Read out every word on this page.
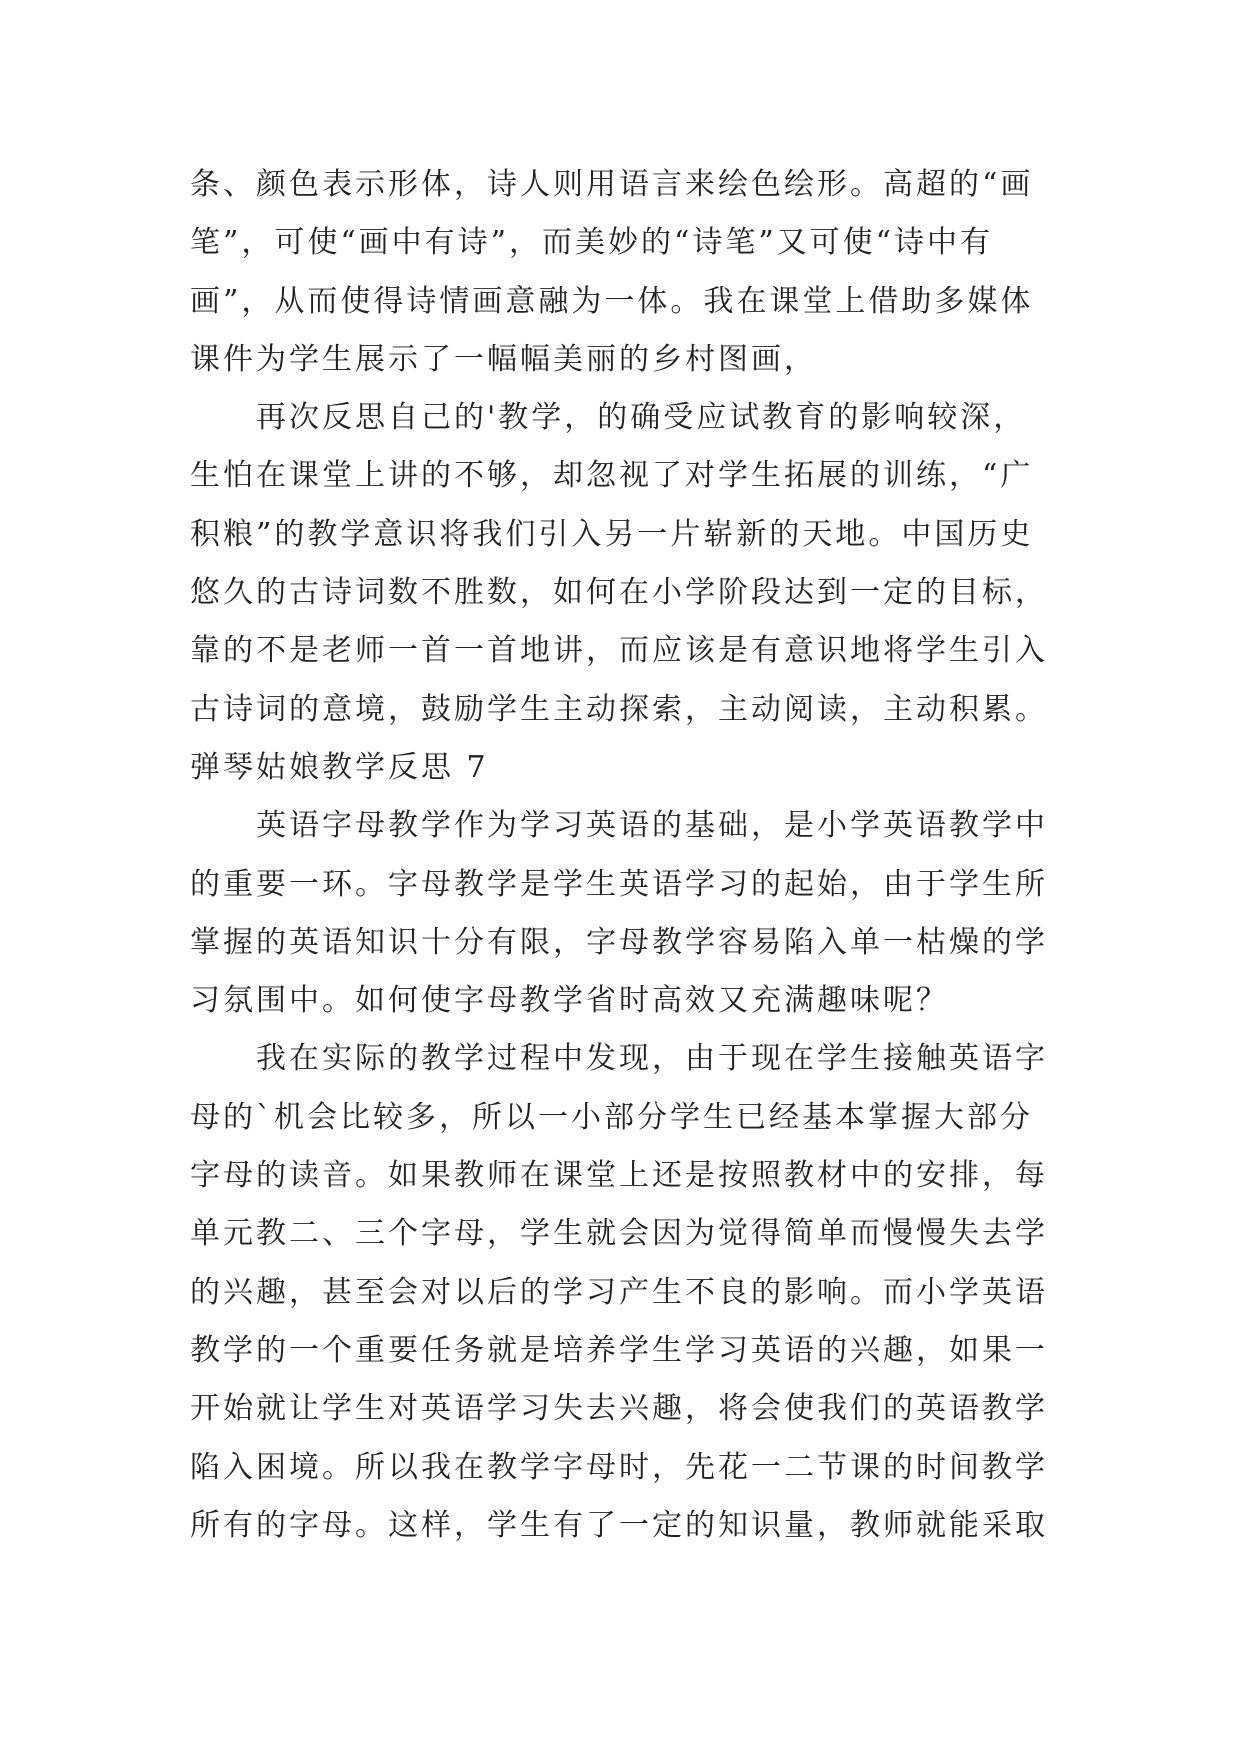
条、颜色表示形体，诗人则用语言来绘色绘形。高超的“画
笔”，可使“画中有诗”，而美妙的“诗笔”又可使“诗中有
画”，从而使得诗情画意融为一体。我在课堂上借助多媒体
课件为学生展示了一幅幅美丽的乡村图画，
再次反思自己的'教学，的确受应试教育的影响较深，
生怕在课堂上讲的不够，却忽视了对学生拓展的训练，“广
积粮”的教学意识将我们引入另一片崭新的天地。中国历史
悠久的古诗词数不胜数，如何在小学阶段达到一定的目标，
靠的不是老师一首一首地讲，而应该是有意识地将学生引入
古诗词的意境，鼓励学生主动探索，主动阅读，主动积累。
弹琴姑娘教学反思 7
英语字母教学作为学习英语的基础，是小学英语教学中
的重要一环。字母教学是学生英语学习的起始，由于学生所
掌握的英语知识十分有限，字母教学容易陷入单一枯燥的学
习氛围中。如何使字母教学省时高效又充满趣味呢？
我在实际的教学过程中发现，由于现在学生接触英语字
母的`机会比较多，所以一小部分学生已经基本掌握大部分
字母的读音。如果教师在课堂上还是按照教材中的安排，每
单元教二、三个字母，学生就会因为觉得简单而慢慢失去学
的兴趣，甚至会对以后的学习产生不良的影响。而小学英语
教学的一个重要任务就是培养学生学习英语的兴趣，如果一
开始就让学生对英语学习失去兴趣，将会使我们的英语教学
陷入困境。所以我在教学字母时，先花一二节课的时间教学
所有的字母。这样，学生有了一定的知识量，教师就能采取
